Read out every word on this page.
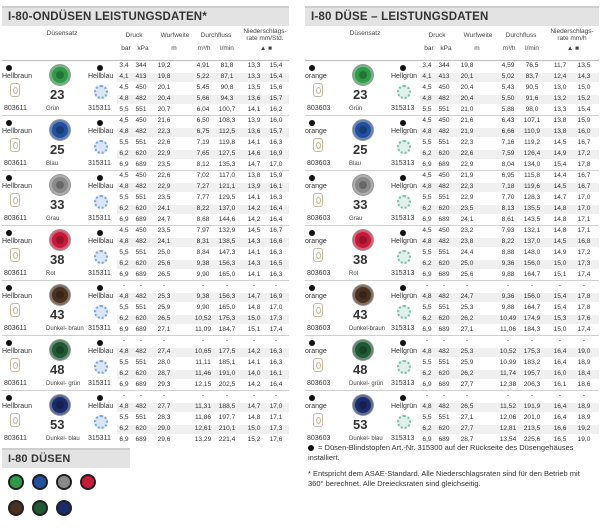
I-80-ONDÜSEN LEISTUNGSDATEN*
Düsensatz	Druck	Wurfweite	Durchfluss
Niederschlags-
rate mm/Std.
bar	kPa	m	m³/h	l/min	▲ ■
Hellbraun
803611
23
Grün
Hellblau
315311
3,4	344	19,2	4,91	81,8	13,3	15,4
4,1	413	19,8	5,22	87,1	13,3	15,4
4,5	450	20,1	5,45	90,8	13,5	15,6
4,8	482	20,4	5,66	94,3	13,6	15,7
5,5	551	20,7	6,04	100,7	14,1	16,2
Hellbraun
803611
25
Blau
Hellblau
315311
4,5	450	21,6	6,50	108,3	13,9	16,0
4,8	482	22,3	6,75	112,5	13,6	15,7
5,5	551	22,6	7,19	119,8	14,1	16,3
6,2	620	22,9	7,65	127,5	14,6	16,9
6,9	689	23,5	8,12	135,3	14,7	17,0
Hellbraun
803611
33
Grau
Hellblau
315311
4,5	450	22,6	7,02	117,0	13,8	15,9
4,8	482	22,9	7,27	121,1	13,9	16,1
5,5	551	23,5	7,77	129,5	14,1	16,3
6,2	620	24,1	8,22	137,0	14,2	16,4
6,9	689	24,7	8,68	144,6	14,2	16,4
Hellbraun
803611
38
Rot
Hellblau
315311
4,5	450	23,5	7,97	132,9	14,5	16,7
4,8	482	24,1	8,31	138,5	14,3	16,6
5,5	551	25,0	8,84	147,3	14,1	16,3
6,2	620	25,6	9,38	156,3	14,3	16,5
6,9	689	26,5	9,90	165,0	14,1	16,3
Hellbraun
803611
43
Dunkel- braun
Hellblau
315311
-	-	-	-	-	-	-
4,8	482	25,3	9,38	156,3	14,7	16,9
5,5	551	25,9	9,90	165,0	14,8	17,0
6,2	620	26,5	10,52	175,3	15,0	17,3
6,9	689	27,1	11,09	184,7	15,1	17,4
Hellbraun
803611
48
Dunkel- grün
Hellblau
315311
-	-	-	-	-	-	-
4,8	482	27,4	10,65	177,5	14,2	16,3
5,5	551	28,0	11,11	185,1	14,1	16,3
6,2	620	28,7	11,46	191,0	14,0	16,1
6,9	689	29,3	12,15	202,5	14,2	16,4
Hellbraun
803611
53
Dunkel- blau
Hellblau
315311
-	-	-	-	-	-	-
4,8	482	27,7	11,31	188,5	14,7	17,0
5,5	551	28,3	11,86	197,7	14,8	17,1
6,2	620	29,0	12,61	210,1	15,0	17,3
6,9	689	29,6	13,29	221,4	15,2	17,6
I-80 DÜSE – LEISTUNGSDATEN
Düsensatz	Druck	Wurfweite	Durchfluss
Niederschlags-
rate mm/h
bar	kPa	m	m³/h	l/min	▲ ■
orange
803603
23
Grün
Hellgrün
315313
3,4	344	19,8	4,59	76,5	11,7	13,5
4,1	413	20,1	5,02	83,7	12,4	14,3
4,5	450	20,4	5,43	90,5	13,0	15,0
4,8	482	20,4	5,50	91,6	13,2	15,2
5,5	551	21,0	5,88	98,0	13,3	15,4
orange
803603
25
Blau
Hellgrün
315313
4,5	450	21,6	6,43	107,1	13,8	15,9
4,8	482	21,9	6,66	110,9	13,8	16,0
5,5	551	22,3	7,16	119,2	14,5	16,7
6,2	620	22,6	7,59	126,4	14,9	17,2
6,9	689	22,9	8,04	134,0	15,4	17,8
orange
803603
33
Grau
Hellgrün
315313
4,5	450	21,9	6,95	115,8	14,4	16,7
4,8	482	22,3	7,18	119,6	14,5	16,7
5,5	551	22,9	7,70	128,3	14,7	17,0
6,2	620	23,5	8,13	135,5	14,8	17,0
6,9	689	24,1	8,61	143,5	14,8	17,1
orange
803603
38
Rot
Hellgrün
315313
4,5	450	23,2	7,93	132,1	14,8	17,1
4,8	482	23,8	8,22	137,0	14,5	16,8
5,5	551	24,4	8,88	148,0	14,9	17,2
6,2	620	25,0	9,36	156,0	15,0	17,3
6,9	689	25,6	9,88	164,7	15,1	17,4
orange
803603
43
Dunkel-braun
Hellgrün
315313
-	-	-	-	-	-	-
4,8	482	24,7	9,36	156,0	15,4	17,8
5,5	551	25,3	9,88	164,7	15,4	17,8
6,2	620	26,2	10,49	174,9	15,3	17,6
6,9	689	27,1	11,06	184,3	15,0	17,4
orange
803603
48
Dunkel- grün
Hellgrün
315313
-	-	-	-	-	-	-
4,8	482	25,3	10,52	175,3	16,4	19,0
5,5	551	25,9	10,99	183,2	16,4	18,9
6,2	620	26,2	11,74	195,7	16,0	18,4
6,9	689	27,7	12,38	206,3	16,1	18,6
orange
803603
53
Dunkel- blau
Hellgrün
315313
-	-	-	-	-	-	-
4,8	482	26,5	11,52	191,9	16,4	18,9
5,5	551	27,1	12,06	201,0	16,4	18,9
6,2	620	27,7	12,81	213,5	16,6	19,2
6,9	689	28,7	13,54	225,6	16,5	19,0
= Düsen-Blindstopfen Art.-Nr. 315300 auf der Rückseite des Düsengehäuses installiert.
* Entspricht dem ASAE-Standard. Alle Niederschlagsraten sind für den Betrieb mit 360° berechnet. Alle Dreiecksraten sind gleichseitig.
I-80 DÜSEN
